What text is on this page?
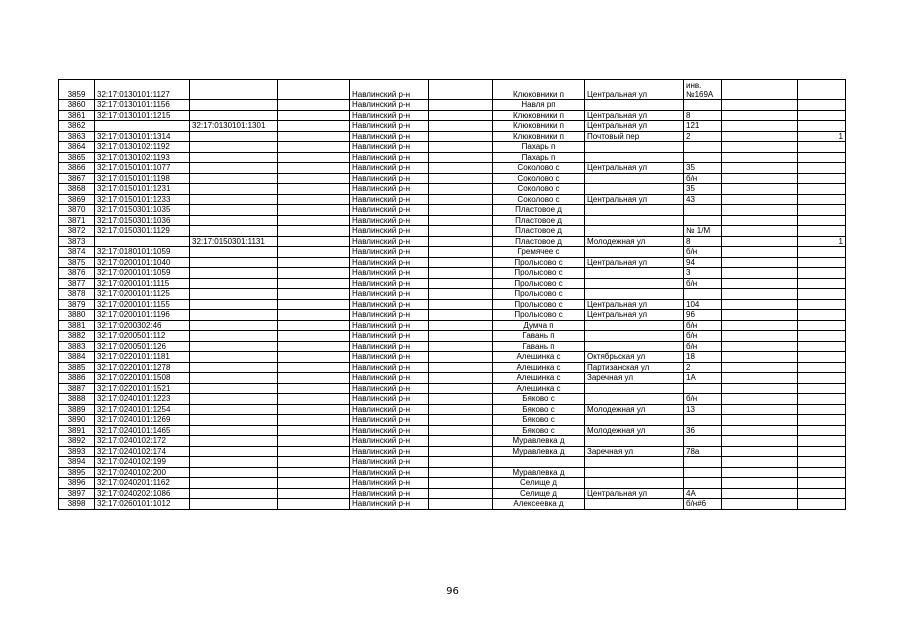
3859	32:17:0130101:1127			Навлинский р-н		Клюковники п	Центральная ул	инв.
№169А		
3860	32:17:0130101:1156			Навлинский р-н		Навля рп				
3861	32:17:0130101:1215			Навлинский р-н		Клюковники п	Центральная ул	8		
3862		32:17:0130101:1301		Навлинский р-н		Клюковники п	Центральная ул	121		
3863	32:17:0130101:1314			Навлинский р-н		Клюковники п	Почтовый пер	2		1
3864	32:17:0130102:1192			Навлинский р-н		Пахарь п				
3865	32:17:0130102:1193			Навлинский р-н		Пахарь п				
3866	32:17:0150101:1077			Навлинский р-н		Соколово с	Центральная ул	35		
3867	32:17:0150101:1198			Навлинский р-н		Соколово с		б/н		
3868	32:17:0150101:1231			Навлинский р-н		Соколово с		35		
3869	32:17:0150101:1233			Навлинский р-н		Соколово с	Центральная ул	43		
3870	32:17:0150301:1035			Навлинский р-н		Пластовое д				
3871	32:17:0150301:1036			Навлинский р-н		Пластовое д				
3872	32:17:0150301:1129			Навлинский р-н		Пластовое д		№ 1/М		
3873		32:17:0150301:1131		Навлинский р-н		Пластовое д	Молодежная ул	8		1
3874	32:17:0180101:1059			Навлинский р-н		Гремячее с		б/н		
3875	32:17:0200101:1040			Навлинский р-н		Пролысово с	Центральная ул	94		
3876	32:17:0200101:1059			Навлинский р-н		Пролысово с		3		
3877	32:17:0200101:1115			Навлинский р-н		Пролысово с		б/н		
3878	32:17:0200101:1125			Навлинский р-н		Пролысово с				
3879	32:17:0200101:1155			Навлинский р-н		Пролысово с	Центральная ул	104		
3880	32:17:0200101:1196			Навлинский р-н		Пролысово с	Центральная ул	96		
3881	32:17:0200302:46			Навлинский р-н		Думча п		б/н		
3882	32:17:0200501:112			Навлинский р-н		Гавань п		б/н		
3883	32:17:0200501:126			Навлинский р-н		Гавань п		б/н		
3884	32:17:0220101:1181			Навлинский р-н		Алешинка с	Октябрьская ул	18		
3885	32:17:0220101:1278			Навлинский р-н		Алешинка с	Партизанская ул	2		
3886	32:17:0220101:1508			Навлинский р-н		Алешинка с	Заречная ул	1А		
3887	32:17:0220101:1521			Навлинский р-н		Алешинка с				
3888	32:17:0240101:1223			Навлинский р-н		Бяково с		б/н		
3889	32:17:0240101:1254			Навлинский р-н		Бяково с	Молодежная ул	13		
3890	32:17:0240101:1269			Навлинский р-н		Бяково с				
3891	32:17:0240101:1465			Навлинский р-н		Бяково с	Молодежная ул	36		
3892	32:17:0240102:172			Навлинский р-н		Муравлевка д				
3893	32:17:0240102:174			Навлинский р-н		Муравлевка д	Заречная ул	78а		
3894	32:17:0240102:199			Навлинский р-н						
3895	32:17:0240102:200			Навлинский р-н		Муравлевка д				
3896	32:17:0240201:1162			Навлинский р-н		Селище д				
3897	32:17:0240202:1086			Навлинский р-н		Селище д	Центральная ул	4А		
3898	32:17:0260101:1012			Навлинский р-н		Алексеевка д		б/н#6		
96
